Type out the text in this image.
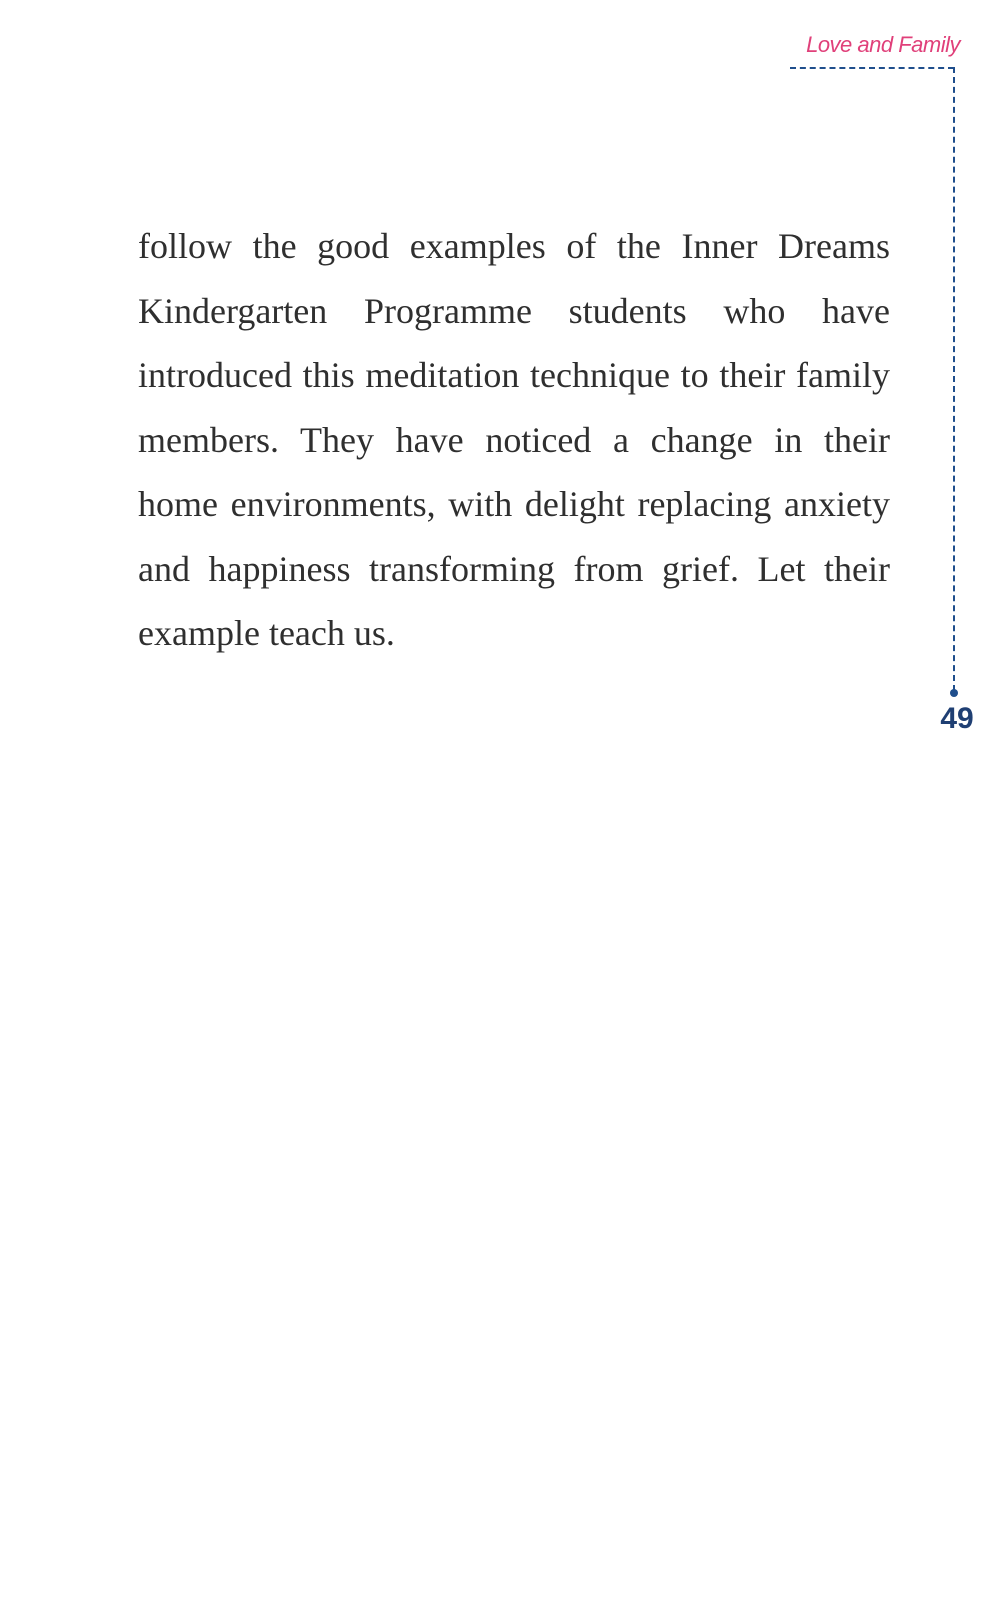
Love and Family

follow the good examples of the Inner Dreams Kindergarten Programme students who have introduced this meditation technique to their family members. They have noticed a change in their home environments, with delight replacing anxiety and happiness transforming from grief. Let their example teach us.

49
